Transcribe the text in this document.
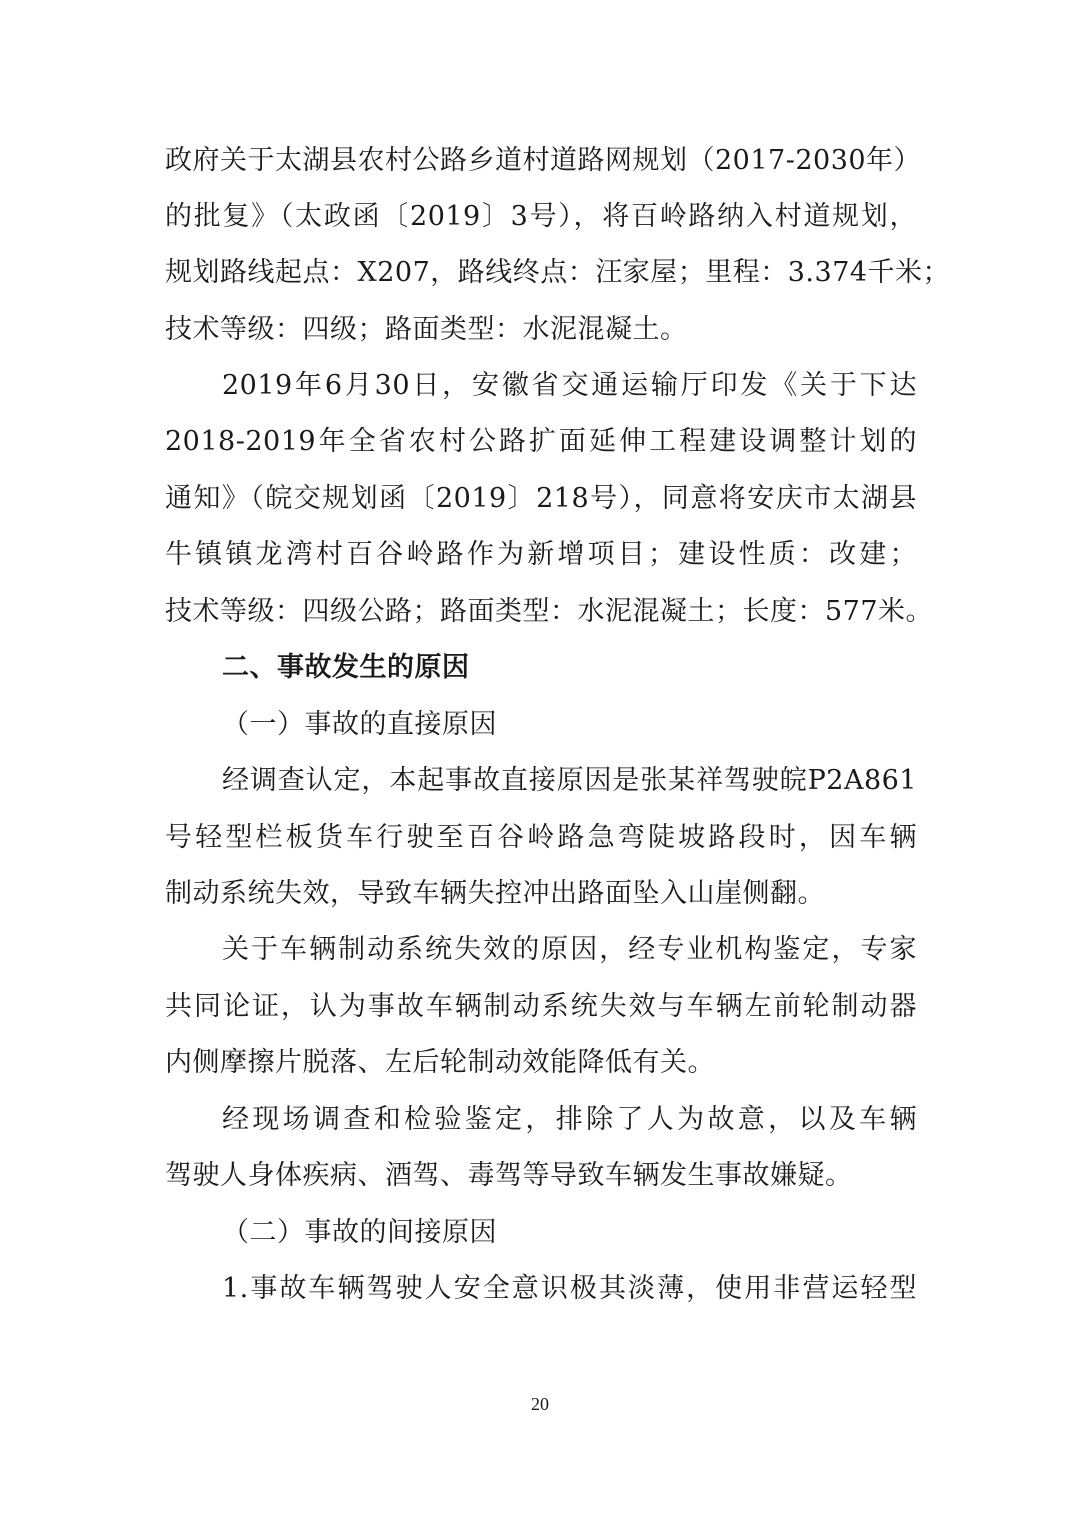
政府关于太湖县农村公路乡道村道路网规划（2017-2030年）
的批复》（太政函〔2019〕3号），将百岭路纳入村道规划，
规划路线起点：X207，路线终点：汪家屋；里程：3.374千米；
技术等级：四级；路面类型：水泥混凝土。
2019年6月30日，安徽省交通运输厅印发《关于下达
2018-2019年全省农村公路扩面延伸工程建设调整计划的
通知》（皖交规划函〔2019〕218号），同意将安庆市太湖县
牛镇镇龙湾村百谷岭路作为新增项目；建设性质：改建；
技术等级：四级公路；路面类型：水泥混凝土；长度：577米。
二、事故发生的原因
（一）事故的直接原因
经调查认定，本起事故直接原因是张某祥驾驶皖P2A861
号轻型栏板货车行驶至百谷岭路急弯陡坡路段时，因车辆
制动系统失效，导致车辆失控冲出路面坠入山崖侧翻。
关于车辆制动系统失效的原因，经专业机构鉴定，专家
共同论证，认为事故车辆制动系统失效与车辆左前轮制动器
内侧摩擦片脱落、左后轮制动效能降低有关。
经现场调查和检验鉴定，排除了人为故意，以及车辆
驾驶人身体疾病、酒驾、毒驾等导致车辆发生事故嫌疑。
（二）事故的间接原因
1.事故车辆驾驶人安全意识极其淡薄，使用非营运轻型
20
